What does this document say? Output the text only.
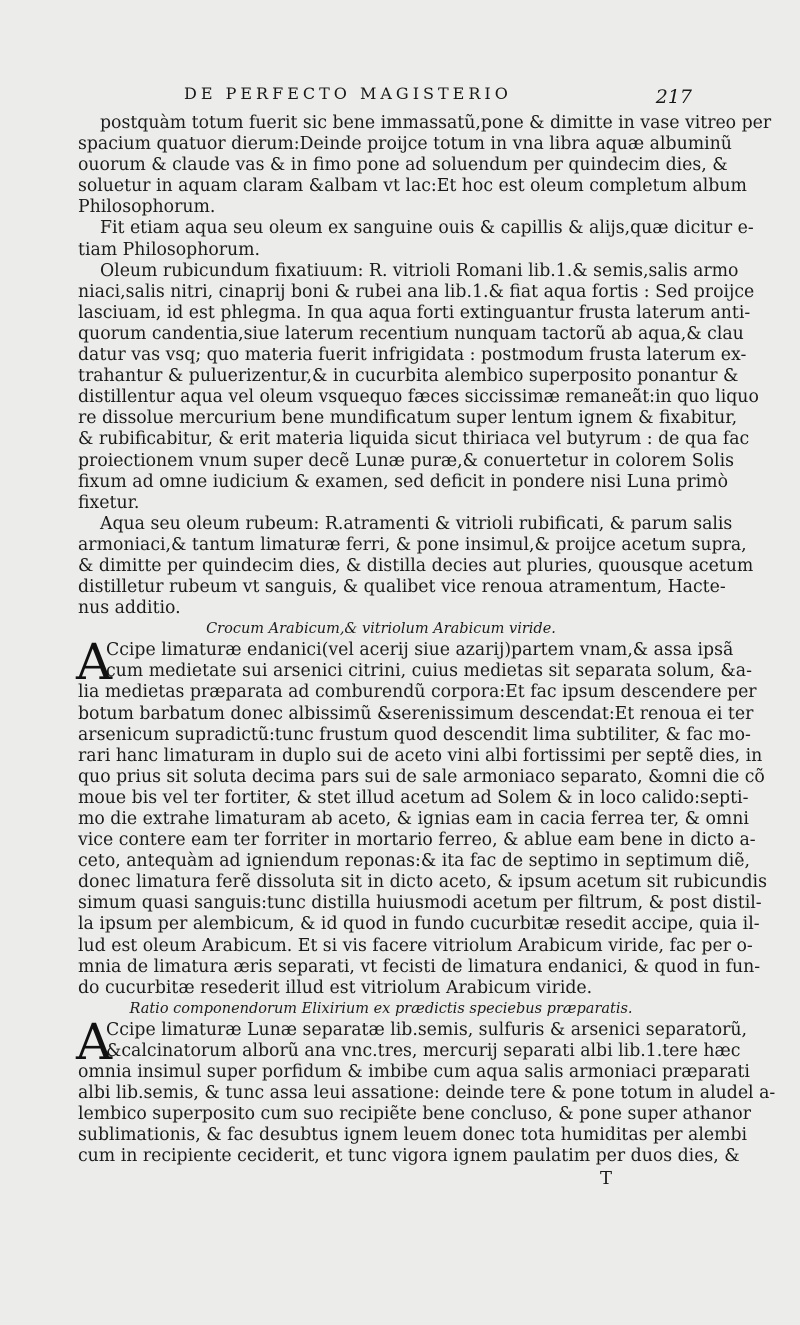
DE PERFECTO MAGISTERIO	217
postquàm totum fuerit sic bene immassatũ,pone & dimitte in vase vitreo per
spacium quatuor dierum:Deinde proijce totum in vna libra aquæ albuminũ
ouorum & claude vas & in fimo pone ad soluendum per quindecim dies, &
soluetur in aquam claram &albam vt lac:Et hoc est oleum completum album
Philosophorum.
Fit etiam aqua seu oleum ex sanguine ouis & capillis & alijs,quæ dicitur e-
tiam Philosophorum.
Oleum rubicundum fixatiuum: R. vitrioli Romani lib.1.& semis,salis armo
niaci,salis nitri, cinaprij boni & rubei ana lib.1.& fiat aqua fortis : Sed proijce
lasciuam, id est phlegma. In qua aqua forti extinguantur frusta laterum anti-
quorum candentia,siue laterum recentium nunquam tactorũ ab aqua,& clau
datur vas vsq; quo materia fuerit infrigidata : postmodum frusta laterum ex-
trahantur & puluerizentur,& in cucurbita alembico superposito ponantur &
distillentur aqua vel oleum vsquequo fæces siccissimæ remaneãt:in quo liquo
re dissolue mercurium bene mundificatum super lentum ignem & fixabitur,
& rubificabitur, & erit materia liquida sicut thiriaca vel butyrum : de qua fac
proiectionem vnum super decẽ Lunæ puræ,& conuertetur in colorem Solis
fixum ad omne iudicium & examen, sed deficit in pondere nisi Luna primò
fixetur.
Aqua seu oleum rubeum: R.atramenti & vitrioli rubificati, & parum salis
armoniaci,& tantum limaturæ ferri, & pone insimul,& proijce acetum supra,
& dimitte per quindecim dies, & distilla decies aut pluries, quousque acetum
distilletur rubeum vt sanguis, & qualibet vice renoua atramentum, Hacte-
nus additio.
Crocum Arabicum,& vitriolum Arabicum viride.
A
Ccipe limaturæ endanici(vel acerij siue azarij)partem vnam,& assa ipsã
cum medietate sui arsenici citrini, cuius medietas sit separata solum, &a-
lia medietas præparata ad comburendũ corpora:Et fac ipsum descendere per
botum barbatum donec albissimũ &serenissimum descendat:Et renoua ei ter
arsenicum supradictũ:tunc frustum quod descendit lima subtiliter, & fac mo-
rari hanc limaturam in duplo sui de aceto vini albi fortissimi per septẽ dies, in
quo prius sit soluta decima pars sui de sale armoniaco separato, &omni die cõ
moue bis vel ter fortiter, & stet illud acetum ad Solem & in loco calido:septi-
mo die extrahe limaturam ab aceto, & ignias eam in cacia ferrea ter, & omni
vice contere eam ter forriter in mortario ferreo, & ablue eam bene in dicto a-
ceto, antequàm ad igniendum reponas:& ita fac de septimo in septimum diẽ,
donec limatura ferẽ dissoluta sit in dicto aceto, & ipsum acetum sit rubicundis
simum quasi sanguis:tunc distilla huiusmodi acetum per filtrum, & post distil-
la ipsum per alembicum, & id quod in fundo cucurbitæ resedit accipe, quia il-
lud est oleum Arabicum. Et si vis facere vitriolum Arabicum viride, fac per o-
mnia de limatura æris separati, vt fecisti de limatura endanici, & quod in fun-
do cucurbitæ resederit illud est vitriolum Arabicum viride.
Ratio componendorum Elixirium ex prædictis speciebus præparatis.
A
Ccipe limaturæ Lunæ separatæ lib.semis, sulfuris & arsenici separatorũ,
&calcinatorum alborũ ana vnc.tres, mercurij separati albi lib.1.tere hæc
omnia insimul super porfidum & imbibe cum aqua salis armoniaci præparati
albi lib.semis, & tunc assa leui assatione: deinde tere & pone totum in aludel a-
lembico superposito cum suo recipiẽte bene concluso, & pone super athanor
sublimationis, & fac desubtus ignem leuem donec tota humiditas per alembi
cum in recipiente ceciderit, et tunc vigora ignem paulatim per duos dies, &
T
